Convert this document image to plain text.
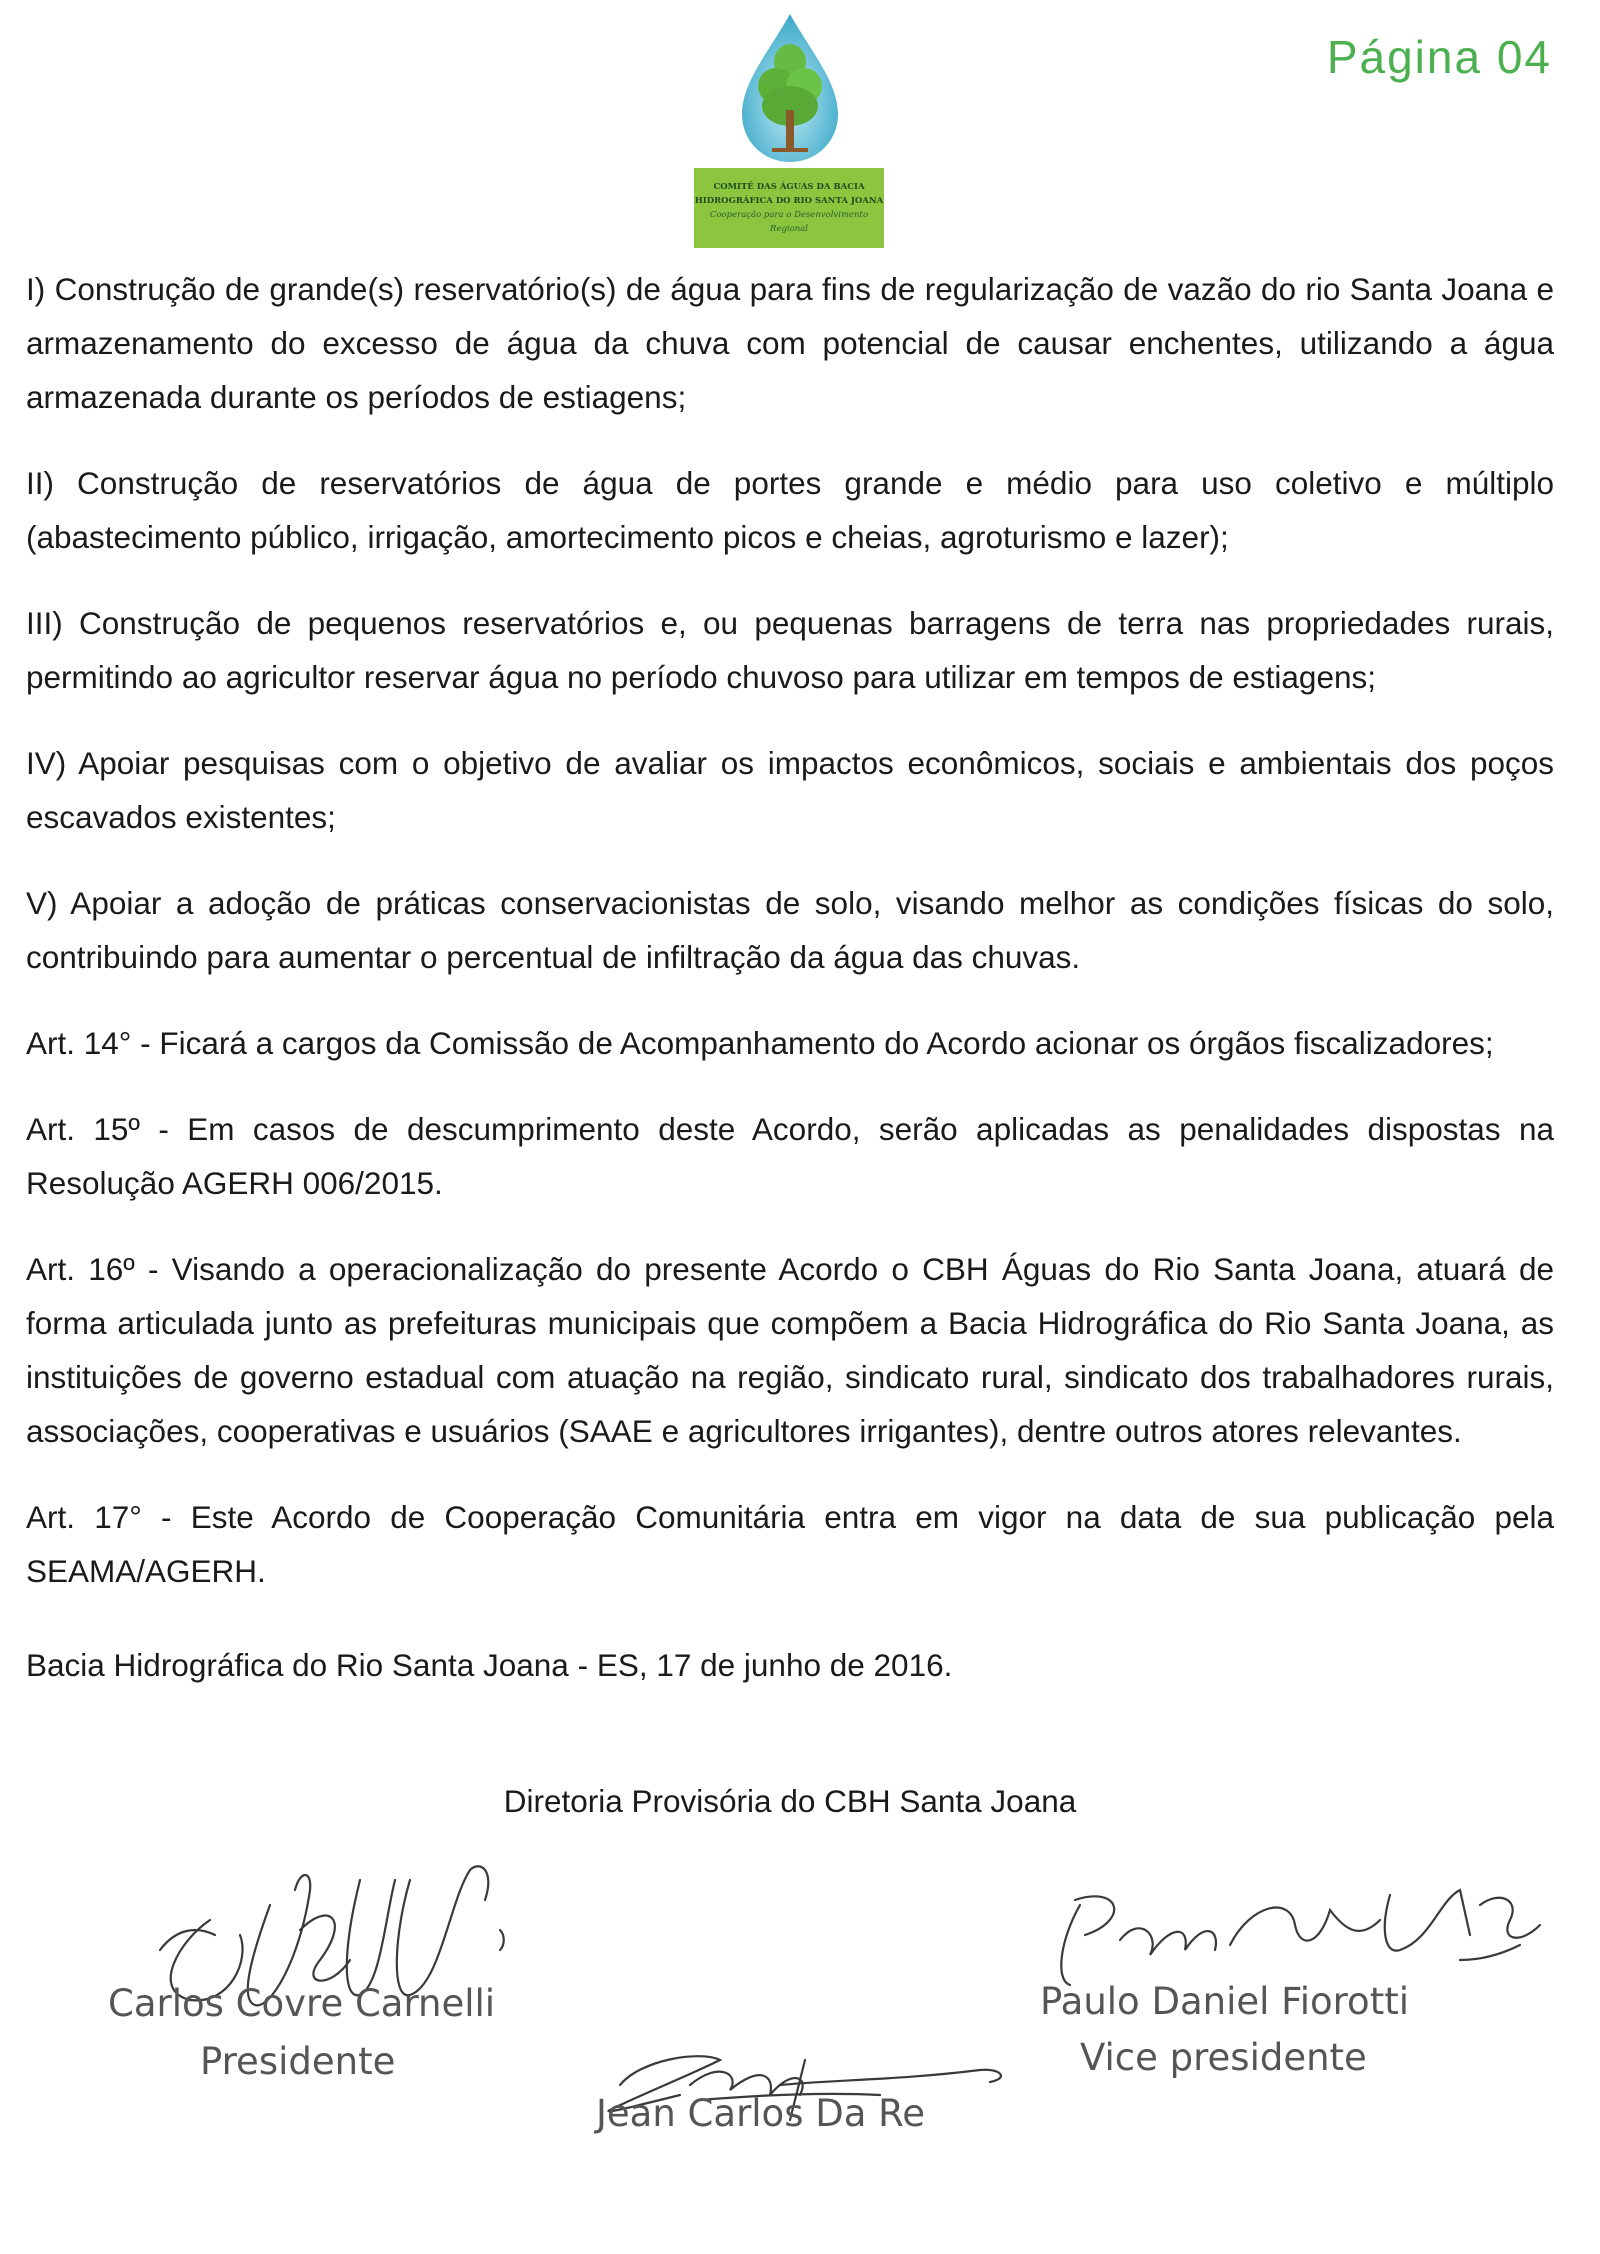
Página 04
COMITÊ DAS ÁGUAS DA BACIA
HIDROGRÁFICA DO RIO SANTA JOANA
Cooperação para o Desenvolvimento Regional

I) Construção de grande(s) reservatório(s) de água para fins de regularização de vazão do rio Santa Joana e armazenamento do excesso de água da chuva com potencial de causar enchentes, utilizando a água armazenada durante os períodos de estiagens;

II) Construção de reservatórios de água de portes grande e médio para uso coletivo e múltiplo (abastecimento público, irrigação, amortecimento picos e cheias, agroturismo e lazer);

III) Construção de pequenos reservatórios e, ou pequenas barragens de terra nas propriedades rurais, permitindo ao agricultor reservar água no período chuvoso para utilizar em tempos de estiagens;

IV) Apoiar pesquisas com o objetivo de avaliar os impactos econômicos, sociais e ambientais dos poços escavados existentes;

V) Apoiar a adoção de práticas conservacionistas de solo, visando melhor as condições físicas do solo, contribuindo para aumentar o percentual de infiltração da água das chuvas.

Art. 14° - Ficará a cargos da Comissão de Acompanhamento do Acordo acionar os órgãos fiscalizadores;

Art. 15º - Em casos de descumprimento deste Acordo, serão aplicadas as penalidades dispostas na Resolução AGERH 006/2015.

Art. 16º - Visando a operacionalização do presente Acordo o CBH Águas do Rio Santa Joana, atuará de forma articulada junto as prefeituras municipais que compõem a Bacia Hidrográfica do Rio Santa Joana, as instituições de governo estadual com atuação na região, sindicato rural, sindicato dos trabalhadores rurais, associações, cooperativas e usuários (SAAE e agricultores irrigantes), dentre outros atores relevantes.

Art. 17° - Este Acordo de Cooperação Comunitária entra em vigor na data de sua publicação pela SEAMA/AGERH.

Bacia Hidrográfica do Rio Santa Joana - ES, 17 de junho de 2016.
Diretoria Provisória do CBH Santa Joana
Carlos Covre Carnelli
Presidente
Paulo Daniel Fiorotti
Vice presidente
Jean Carlos Da Re
